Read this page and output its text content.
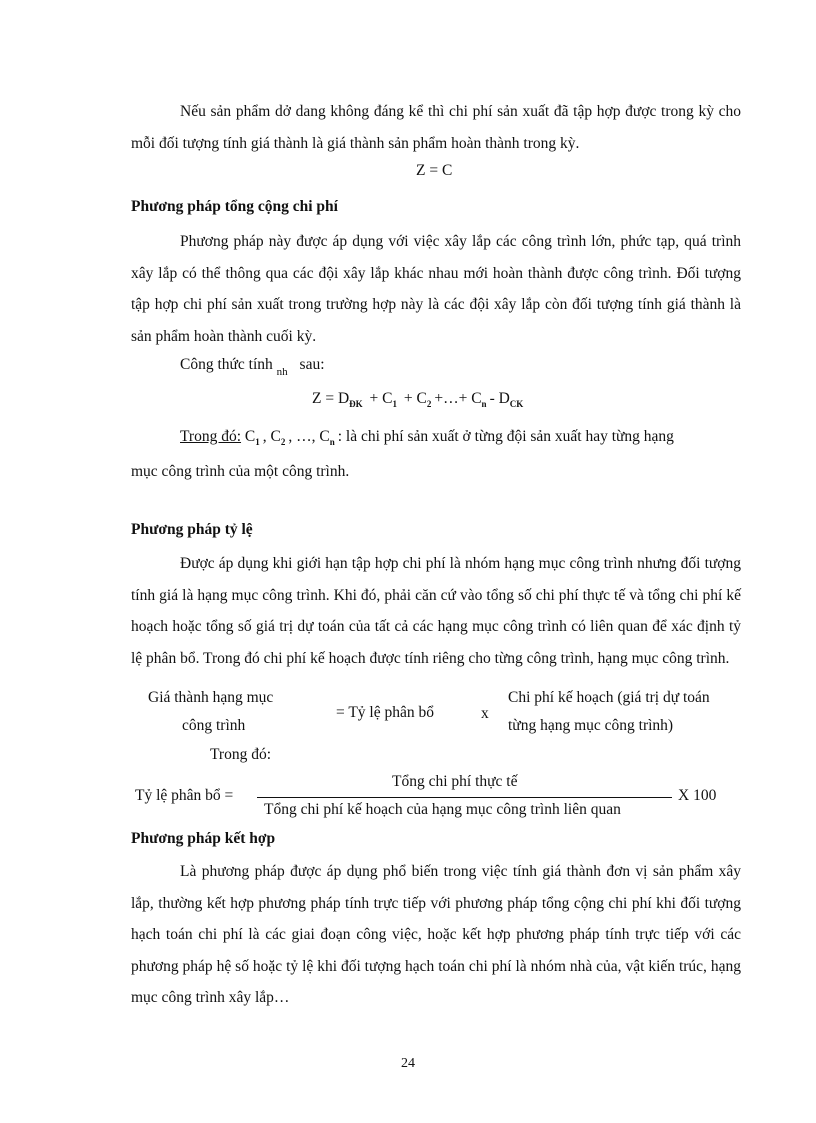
Nếu sản phẩm dở dang không đáng kể thì chi phí sản xuất đã tập hợp được trong kỳ cho mỗi đối tượng tính giá thành là giá thành sản phẩm hoàn thành trong kỳ.

Z = C
Phương pháp tổng cộng chi phí

Phương pháp này được áp dụng với việc xây lắp các công trình lớn, phức tạp, quá trình xây lắp có thể thông qua các đội xây lắp khác nhau mới hoàn thành được công trình. Đối tượng tập hợp chi phí sản xuất trong trường hợp này là các đội xây lắp còn đối tượng tính giá thành là sản phẩm hoàn thành cuối kỳ.

Công thức tính $_{nh}$ sau:
$Z = D_{ĐK} + C_1 + C_2$ +…+ $C_n - D_{CK}$
Trong đó: $C_1$ , $C_2$ , …, $C_n$ : là chi phí sản xuất ở từng đội sản xuất hay từng hạng
mục công trình của một công trình.
Phương pháp tỷ lệ

Được áp dụng khi giới hạn tập hợp chi phí là nhóm hạng mục công trình nhưng đối tượng tính giá là hạng mục công trình. Khi đó, phải căn cứ vào tổng số chi phí thực tế và tổng chi phí kế hoạch hoặc tổng số giá trị dự toán của tất cả các hạng mục công trình có liên quan để xác định tỷ lệ phân bổ. Trong đó chi phí kế hoạch được tính riêng cho từng công trình, hạng mục công trình.

Giá thành hạng mục
công trình
= Tỷ lệ phân bổ	x
Chi phí kế hoạch (giá trị dự toán
từng hạng mục công trình)
Trong đó:
Tỷ lệ phân bổ =
Tổng chi phí thực tế
Tổng chi phí kế hoạch của hạng mục công trình liên quan
X 100
Phương pháp kết hợp

Là phương pháp được áp dụng phổ biến trong việc tính giá thành đơn vị sản phẩm xây lắp, thường kết hợp phương pháp tính trực tiếp với phương pháp tổng cộng chi phí khi đối tượng hạch toán chi phí là các giai đoạn công việc, hoặc kết hợp phương pháp tính trực tiếp với các phương pháp hệ số hoặc tỷ lệ khi đối tượng hạch toán chi phí là nhóm nhà của, vật kiến trúc, hạng mục công trình xây lắp…

24
